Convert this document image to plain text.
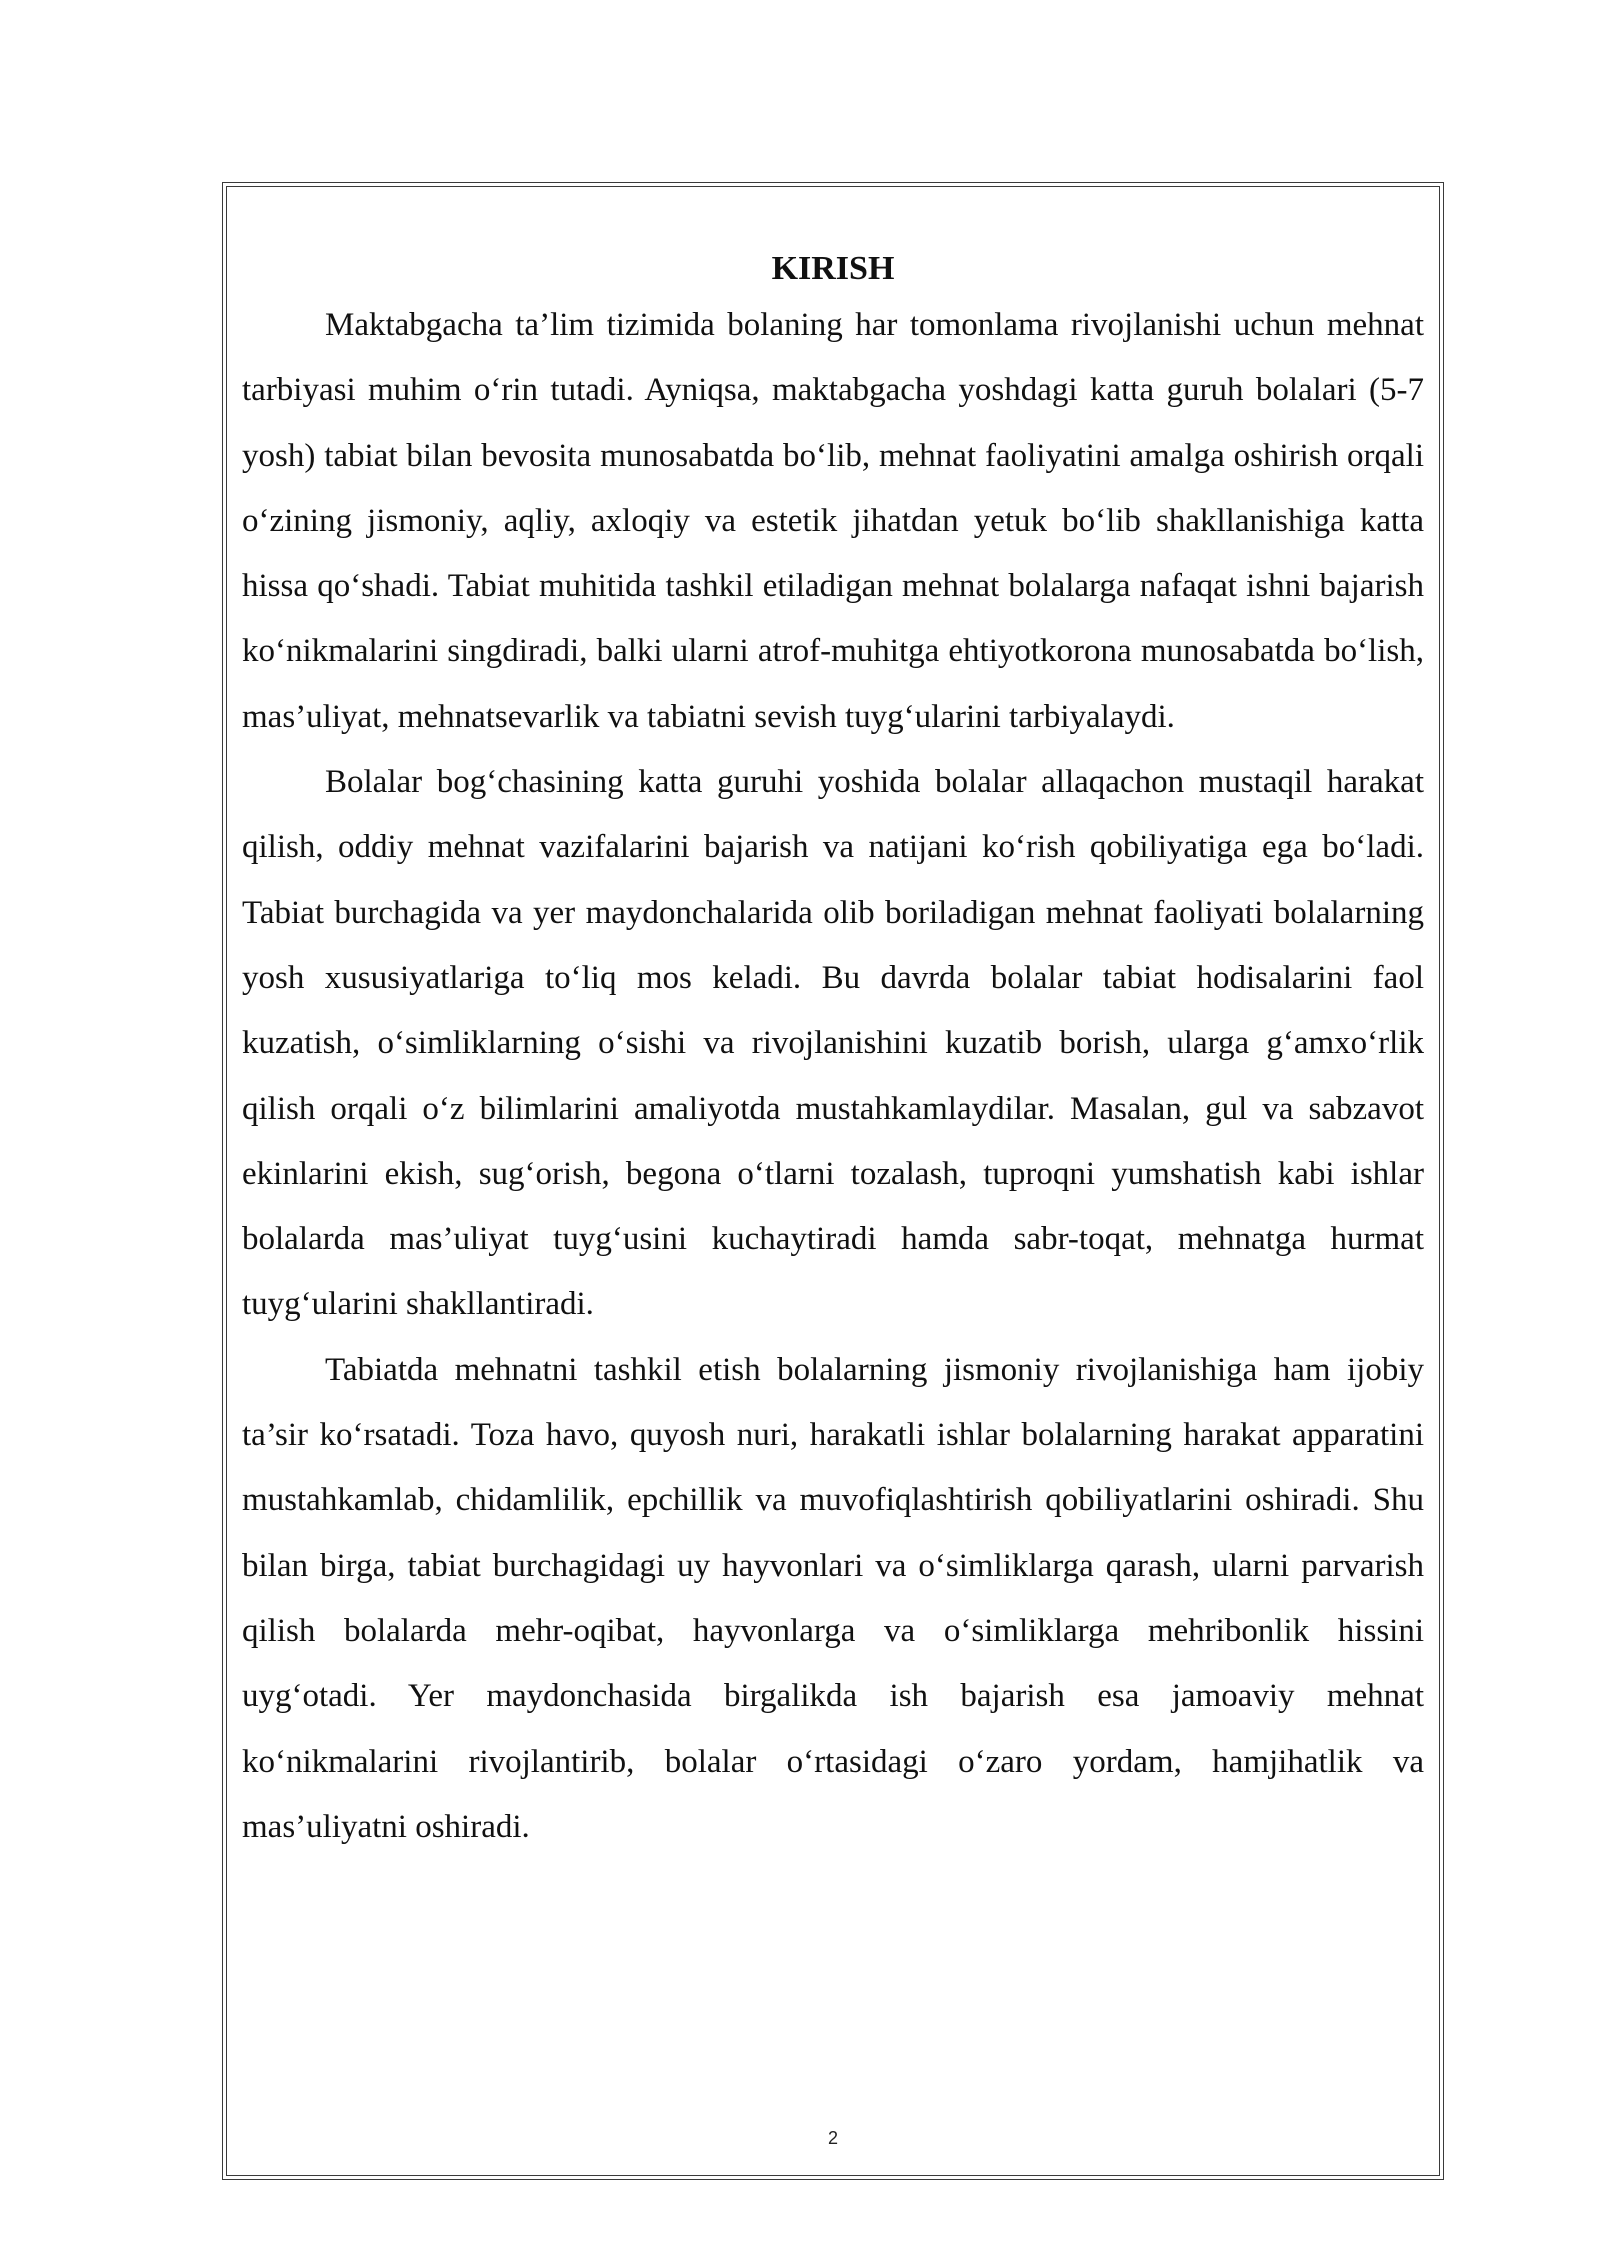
KIRISH

Maktabgacha ta’lim tizimida bolaning har tomonlama rivojlanishi uchun mehnat tarbiyasi muhim o‘rin tutadi. Ayniqsa, maktabgacha yoshdagi katta guruh bolalari (5-7 yosh) tabiat bilan bevosita munosabatda bo‘lib, mehnat faoliyatini amalga oshirish orqali o‘zining jismoniy, aqliy, axloqiy va estetik jihatdan yetuk bo‘lib shakllanishiga katta hissa qo‘shadi. Tabiat muhitida tashkil etiladigan mehnat bolalarga nafaqat ishni bajarish ko‘nikmalarini singdiradi, balki ularni atrof-muhitga ehtiyotkorona munosabatda bo‘lish, mas’uliyat, mehnatsevarlik va tabiatni sevish tuyg‘ularini tarbiyalaydi.

Bolalar bog‘chasining katta guruhi yoshida bolalar allaqachon mustaqil harakat qilish, oddiy mehnat vazifalarini bajarish va natijani ko‘rish qobiliyatiga ega bo‘ladi. Tabiat burchagida va yer maydonchalarida olib boriladigan mehnat faoliyati bolalarning yosh xususiyatlariga to‘liq mos keladi. Bu davrda bolalar tabiat hodisalarini faol kuzatish, o‘simliklarning o‘sishi va rivojlanishini kuzatib borish, ularga g‘amxo‘rlik qilish orqali o‘z bilimlarini amaliyotda mustahkamlaydilar. Masalan, gul va sabzavot ekinlarini ekish, sug‘orish, begona o‘tlarni tozalash, tuproqni yumshatish kabi ishlar bolalarda mas’uliyat tuyg‘usini kuchaytiradi hamda sabr-toqat, mehnatga hurmat tuyg‘ularini shakllantiradi.

Tabiatda mehnatni tashkil etish bolalarning jismoniy rivojlanishiga ham ijobiy ta’sir ko‘rsatadi. Toza havo, quyosh nuri, harakatli ishlar bolalarning harakat apparatini mustahkamlab, chidamlilik, epchillik va muvofiqlashtirish qobiliyatlarini oshiradi. Shu bilan birga, tabiat burchagidagi uy hayvonlari va o‘simliklarga qarash, ularni parvarish qilish bolalarda mehr-oqibat, hayvonlarga va o‘simliklarga mehribonlik hissini uyg‘otadi. Yer maydonchasida birgalikda ish bajarish esa jamoaviy mehnat ko‘nikmalarini rivojlantirib, bolalar o‘rtasidagi o‘zaro yordam, hamjihatlik va mas’uliyatni oshiradi.

2
